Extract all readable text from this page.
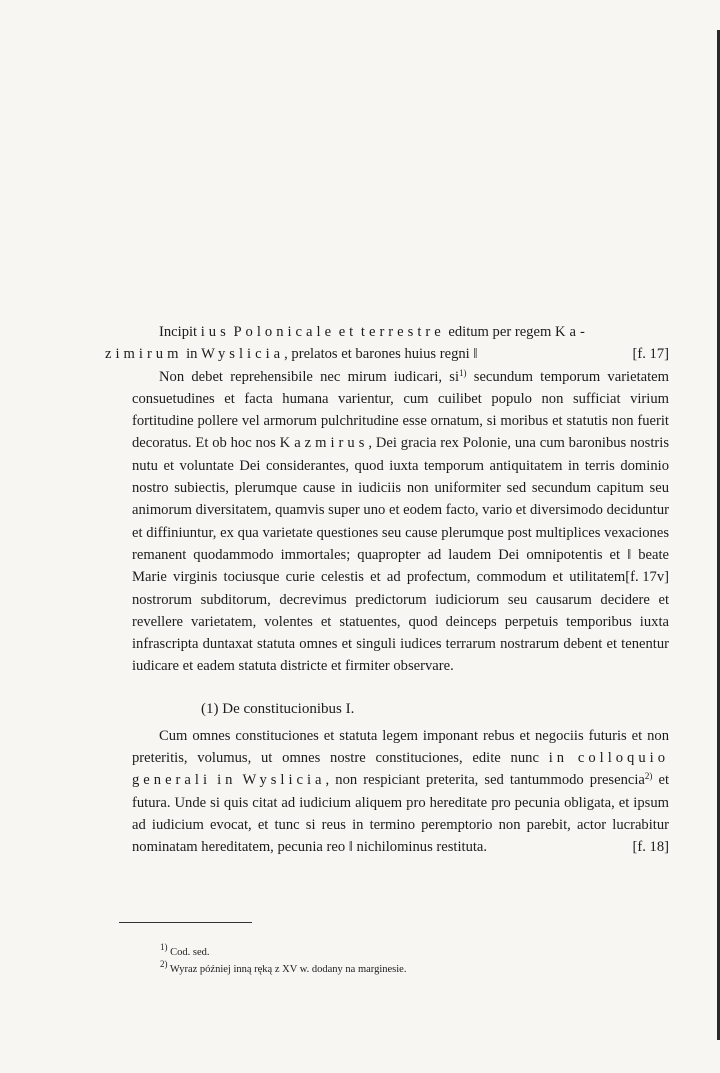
Incipit ius Polonicale et terrestre editum per regem Ka-
zimirum in Wyslicia, prelatos et barones huius regni ‖	[f. 17]

Non debet reprehensibile nec mirum iudicari, $si^{1)}$ secundum temporum varietatem consuetudines et facta humana varientur, cum cuilibet populo non sufficiat virium fortitudine pollere vel armorum pulchritudine esse ornatum, si moribus et statutis non fuerit decoratus. Et ob hoc nos Kazmirus, Dei gracia rex Polonie, una cum baronibus nostris nutu et voluntate Dei considerantes, quod iuxta temporum antiquitatem in terris dominio nostro subiectis, plerumque cause in iudiciis non uniformiter sed secundum capitum seu animorum diversitatem, quamvis super uno et eodem facto, vario et diversimodo deciduntur et diffiniuntur, ex qua varietate questiones seu cause plerumque post multiplices vexaciones remanent quodammodo immortales; quapropter ad laudem Dei omnipotentis et ‖ beate
[f. 17v]
Marie virginis tociusque curie celestis et ad profectum, commodum et utilitatem nostrorum subditorum, decrevimus predictorum iudiciorum seu causarum decidere et revellere varietatem, volentes et statuentes, quod deinceps perpetuis temporibus iuxta infrascripta duntaxat statuta omnes et singuli iudices terrarum nostrarum debent et tenentur iudicare et eadem statuta districte et firmiter observare.

(1) De constitucionibus I.

Cum omnes constituciones et statuta legem imponant rebus et negociis futuris et non preteritis, volumus, ut omnes nostre constituciones, edite nunc in colloquio generali in Wyslicia, non respiciant preterita, sed tantummodo presencia$^{2)}$ et futura. Unde si quis citat ad iudicium aliquem pro hereditate pro pecunia obligata, et ipsum ad iudicium evocat, et tunc si reus in termino peremptorio non parebit, actor lucrabitur nominatam hereditatem, pecunia reo ‖ nichilominus restituta.	[f. 18]

$^{1)}$ Cod. sed.
$^{2)}$ Wyraz później inną ręką z XV w. dodany na marginesie.
